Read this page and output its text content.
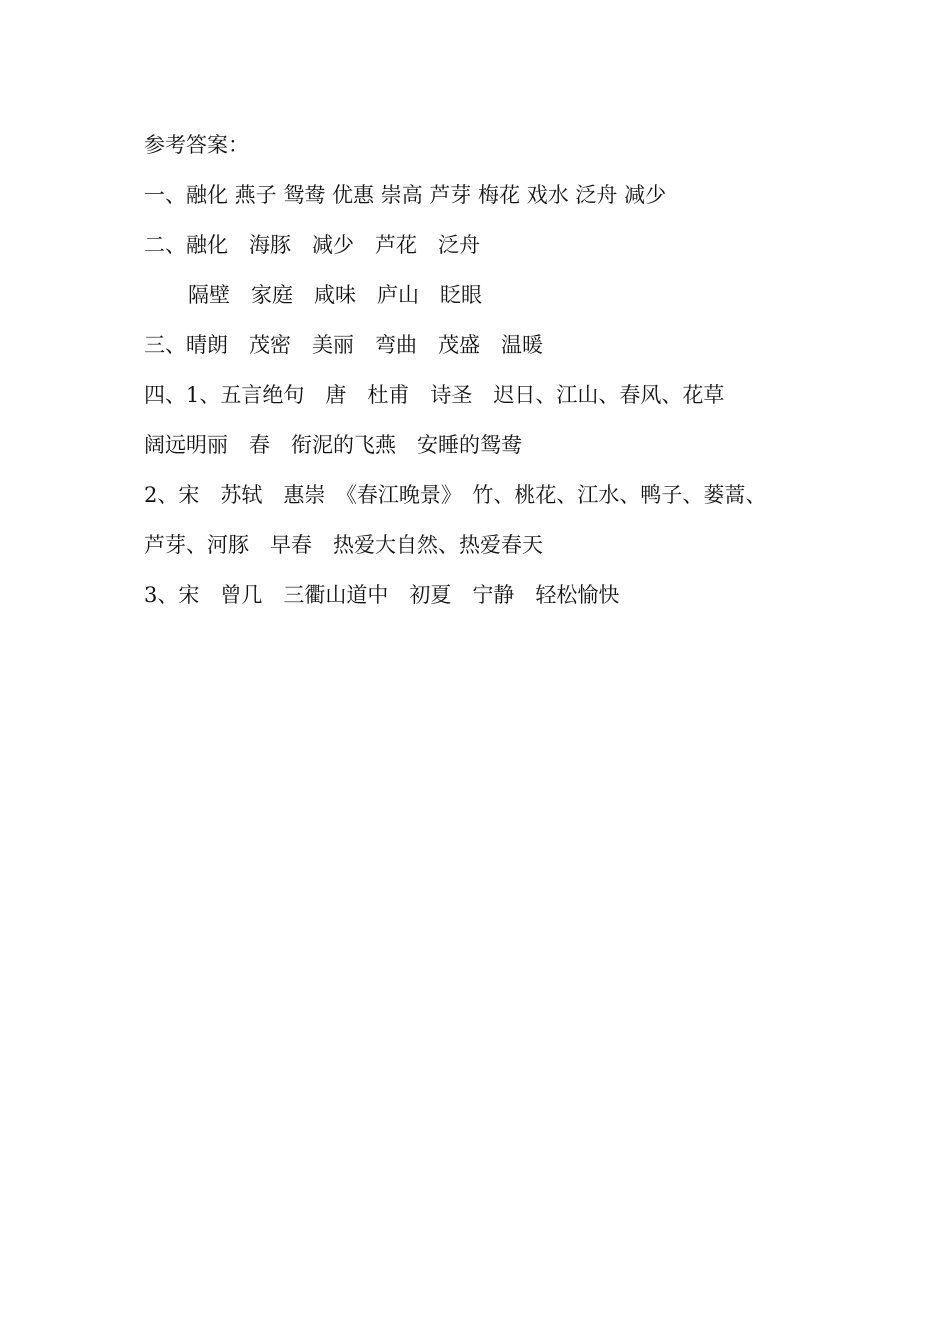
参考答案：
一、融化 燕子 鸳鸯 优惠 崇高 芦芽 梅花 戏水 泛舟 减少
二、融化　海豚　减少　芦花　泛舟
隔壁　家庭　咸味　庐山　眨眼
三、晴朗　茂密　美丽　弯曲　茂盛　温暖
四、1、五言绝句　唐　杜甫　诗圣　迟日、江山、春风、花草
阔远明丽　春　衔泥的飞燕　安睡的鸳鸯
2、宋　苏轼　惠崇　《春江晚景》　竹、桃花、江水、鸭子、蒌蒿、
芦芽、河豚　早春　热爱大自然、热爱春天
3、宋　曾几　三衢山道中　初夏　宁静　轻松愉快
